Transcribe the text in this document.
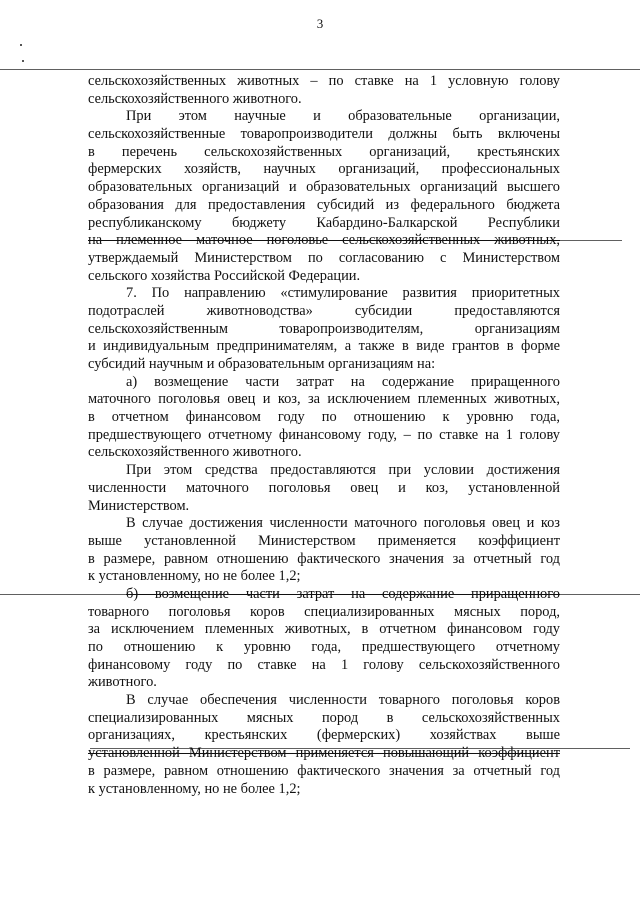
3
сельскохозяйственных животных – по ставке на 1 условную голову
сельскохозяйственного животного.
При этом научные и образовательные организации,
сельскохозяйственные товаропроизводители должны быть включены
в перечень сельскохозяйственных организаций, крестьянских
фермерских хозяйств, научных организаций, профессиональных
образовательных организаций и образовательных организаций высшего
образования для предоставления субсидий из федерального бюджета
республиканскому бюджету Кабардино-Балкарской Республики
на племенное маточное поголовье сельскохозяйственных животных,
утверждаемый Министерством по согласованию с Министерством
сельского хозяйства Российской Федерации.
7. По направлению «стимулирование развития приоритетных
подотраслей животноводства» субсидии предоставляются
сельскохозяйственным товаропроизводителям, организациям
и индивидуальным предпринимателям, а также в виде грантов в форме
субсидий научным и образовательным организациям на:
а) возмещение части затрат на содержание приращенного
маточного поголовья овец и коз, за исключением племенных животных,
в отчетном финансовом году по отношению к уровню года,
предшествующего отчетному финансовому году, – по ставке на 1 голову
сельскохозяйственного животного.
При этом средства предоставляются при условии достижения
численности маточного поголовья овец и коз, установленной
Министерством.
В случае достижения численности маточного поголовья овец и коз
выше установленной Министерством применяется коэффициент
в размере, равном отношению фактического значения за отчетный год
к установленному, но не более 1,2;
б) возмещение части затрат на содержание приращенного
товарного поголовья коров специализированных мясных пород,
за исключением племенных животных, в отчетном финансовом году
по отношению к уровню года, предшествующего отчетному
финансовому году по ставке на 1 голову сельскохозяйственного
животного.
В случае обеспечения численности товарного поголовья коров
специализированных мясных пород в сельскохозяйственных
организациях, крестьянских (фермерских) хозяйствах выше
установленной Министерством применяется повышающий коэффициент
в размере, равном отношению фактического значения за отчетный год
к установленному, но не более 1,2;
